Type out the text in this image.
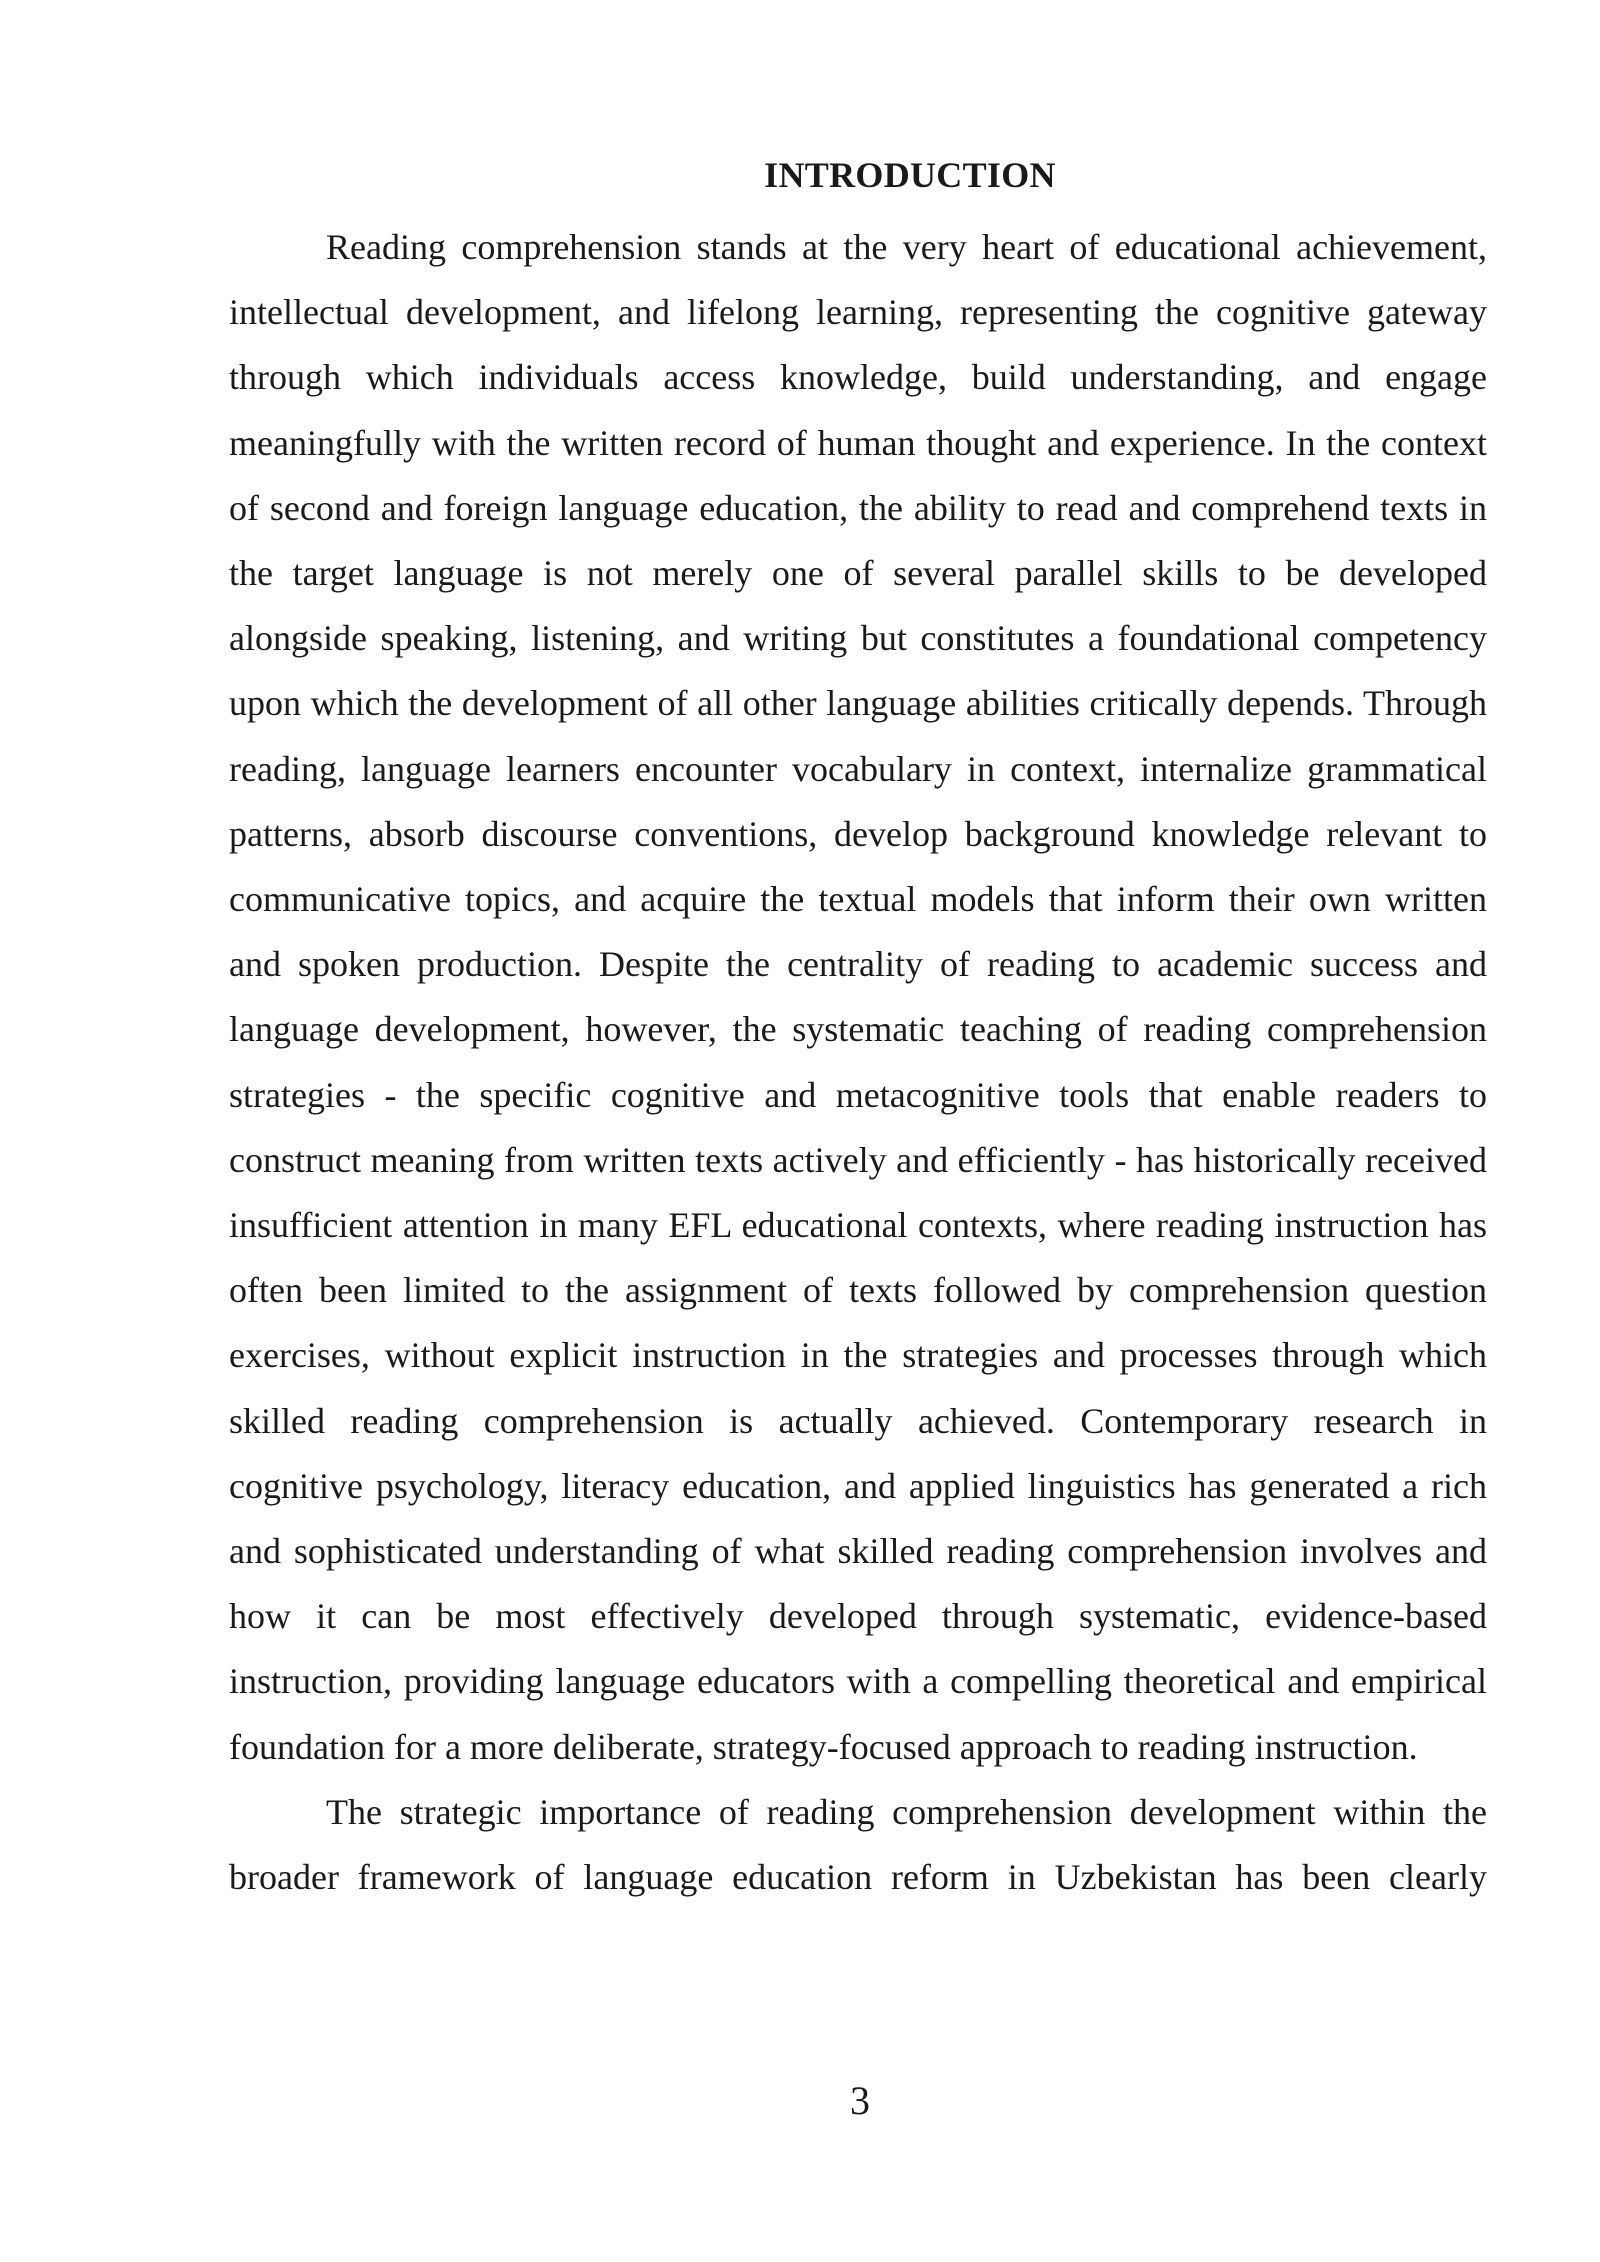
INTRODUCTION

Reading comprehension stands at the very heart of educational achievement, intellectual development, and lifelong learning, representing the cognitive gateway through which individuals access knowledge, build understanding, and engage meaningfully with the written record of human thought and experience. In the context of second and foreign language education, the ability to read and comprehend texts in the target language is not merely one of several parallel skills to be developed alongside speaking, listening, and writing but constitutes a foundational competency upon which the development of all other language abilities critically depends. Through reading, language learners encounter vocabulary in context, internalize grammatical patterns, absorb discourse conventions, develop background knowledge relevant to communicative topics, and acquire the textual models that inform their own written and spoken production. Despite the centrality of reading to academic success and language development, however, the systematic teaching of reading comprehension strategies - the specific cognitive and metacognitive tools that enable readers to construct meaning from written texts actively and efficiently - has historically received insufficient attention in many EFL educational contexts, where reading instruction has often been limited to the assignment of texts followed by comprehension question exercises, without explicit instruction in the strategies and processes through which skilled reading comprehension is actually achieved. Contemporary research in cognitive psychology, literacy education, and applied linguistics has generated a rich and sophisticated understanding of what skilled reading comprehension involves and how it can be most effectively developed through systematic, evidence-based instruction, providing language educators with a compelling theoretical and empirical foundation for a more deliberate, strategy-focused approach to reading instruction.

The strategic importance of reading comprehension development within the broader framework of language education reform in Uzbekistan has been clearly

3
